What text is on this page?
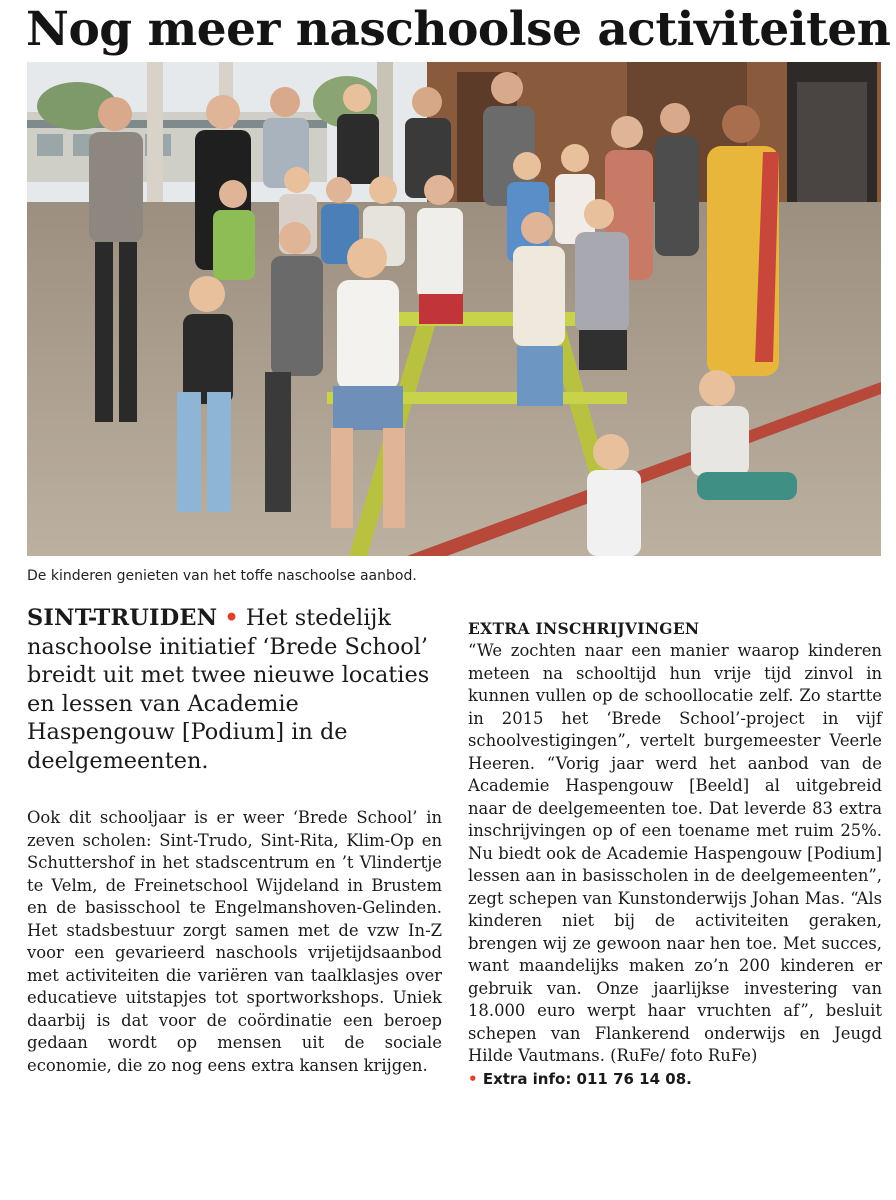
Nog meer naschoolse activiteiten
De kinderen genieten van het toffe naschoolse aanbod.

SINT-TRUIDEN • Het stedelijk naschoolse initiatief ‘Brede School’ breidt uit met twee nieuwe locaties en lessen van Academie Haspengouw [Podium] in de deelgemeenten.

Ook dit schooljaar is er weer ‘Brede School’ in zeven scholen: Sint-Trudo, Sint-Rita, Klim-Op en Schuttershof in het stadscentrum en ’t Vlindertje te Velm, de Freinetschool Wijdeland in Brustem en de basisschool te Engelmanshoven-Gelinden. Het stadsbestuur zorgt samen met de vzw In-Z voor een gevarieerd naschools vrijetijdsaanbod met activiteiten die variëren van taalklasjes over educatieve uitstapjes tot sportworkshops. Uniek daarbij is dat voor de coördinatie een beroep gedaan wordt op mensen uit de sociale economie, die zo nog eens extra kansen krijgen.

EXTRA INSCHRIJVINGEN

“We zochten naar een manier waarop kinderen meteen na schooltijd hun vrije tijd zinvol in kunnen vullen op de schoollocatie zelf. Zo startte in 2015 het ‘Brede School’-project in vijf schoolvestigingen”, vertelt burgemeester Veerle Heeren. “Vorig jaar werd het aanbod van de Academie Haspengouw [Beeld] al uitgebreid naar de deelgemeenten toe. Dat leverde 83 extra inschrijvingen op of een toename met ruim 25%. Nu biedt ook de Academie Haspengouw [Podium] lessen aan in basisscholen in de deelgemeenten”, zegt schepen van Kunstonderwijs Johan Mas. “Als kinderen niet bij de activiteiten geraken, brengen wij ze gewoon naar hen toe. Met succes, want maandelijks maken zo’n 200 kinderen er gebruik van. Onze jaarlijkse investering van 18.000 euro werpt haar vruchten af”, besluit schepen van Flankerend onderwijs en Jeugd Hilde Vautmans. (RuFe/ foto RuFe)

• Extra info: 011 76 14 08.
